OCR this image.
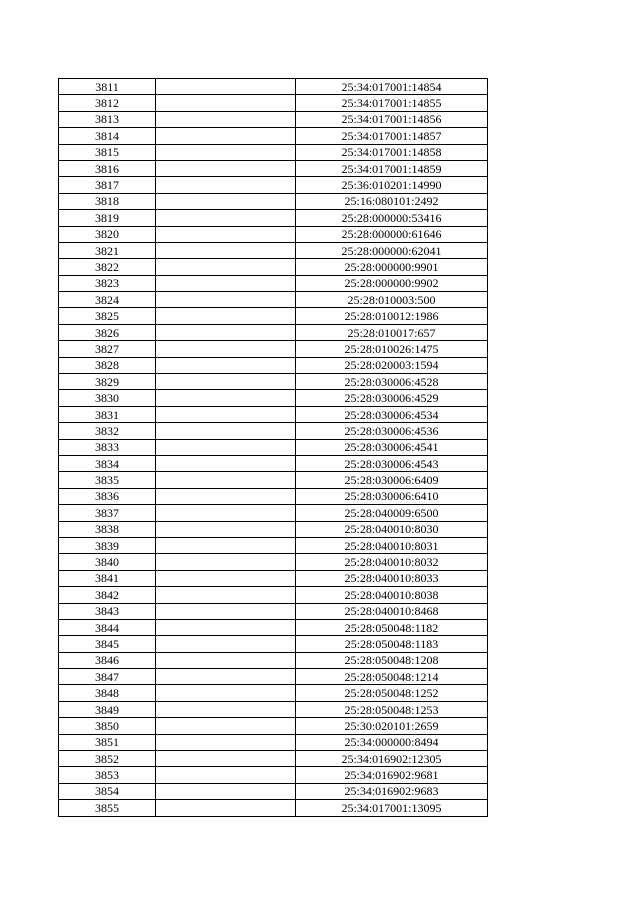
3811		25:34:017001:14854
3812		25:34:017001:14855
3813		25:34:017001:14856
3814		25:34:017001:14857
3815		25:34:017001:14858
3816		25:34:017001:14859
3817		25:36:010201:14990
3818		25:16:080101:2492
3819		25:28:000000:53416
3820		25:28:000000:61646
3821		25:28:000000:62041
3822		25:28:000000:9901
3823		25:28:000000:9902
3824		25:28:010003:500
3825		25:28:010012:1986
3826		25:28:010017:657
3827		25:28:010026:1475
3828		25:28:020003:1594
3829		25:28:030006:4528
3830		25:28:030006:4529
3831		25:28:030006:4534
3832		25:28:030006:4536
3833		25:28:030006:4541
3834		25:28:030006:4543
3835		25:28:030006:6409
3836		25:28:030006:6410
3837		25:28:040009:6500
3838		25:28:040010:8030
3839		25:28:040010:8031
3840		25:28:040010:8032
3841		25:28:040010:8033
3842		25:28:040010:8038
3843		25:28:040010:8468
3844		25:28:050048:1182
3845		25:28:050048:1183
3846		25:28:050048:1208
3847		25:28:050048:1214
3848		25:28:050048:1252
3849		25:28:050048:1253
3850		25:30:020101:2659
3851		25:34:000000:8494
3852		25:34:016902:12305
3853		25:34:016902:9681
3854		25:34:016902:9683
3855		25:34:017001:13095
